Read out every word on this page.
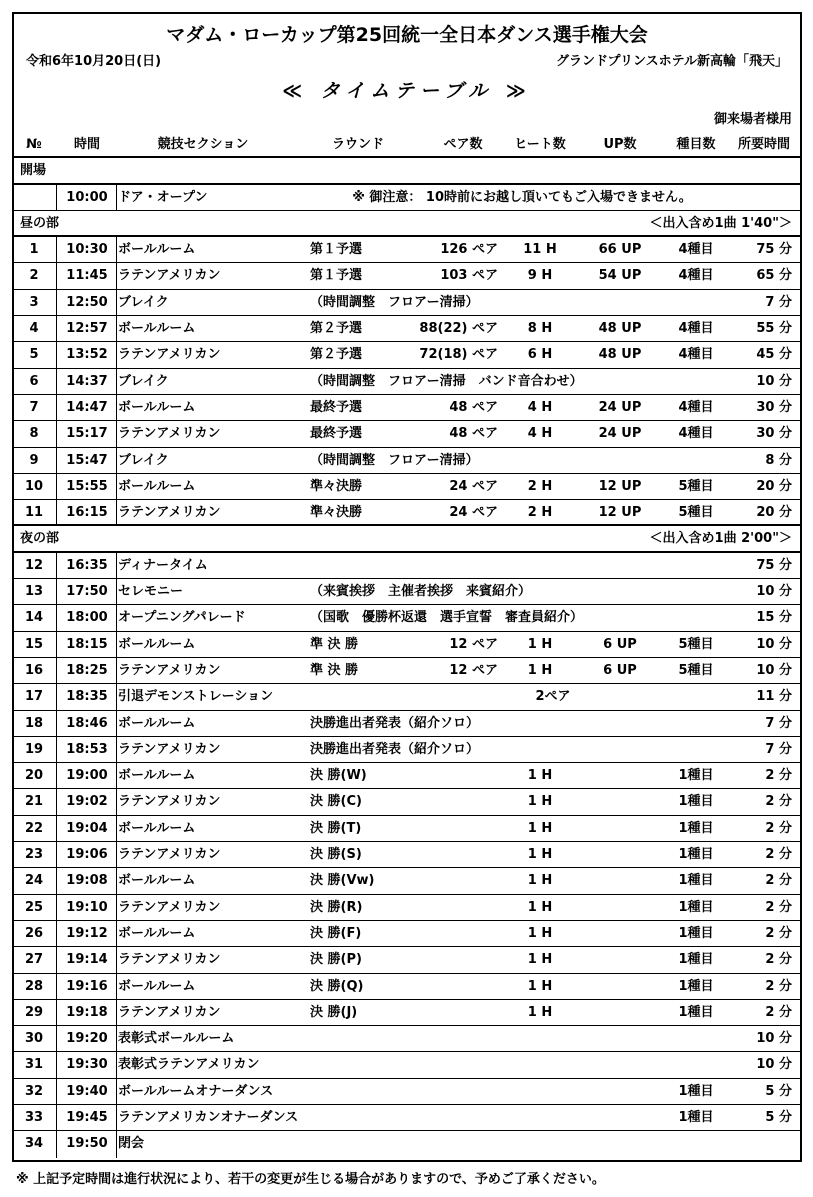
マダム・ローカップ第25回統一全日本ダンス選手権大会
令和6年10月20日(日)	グランドプリンスホテル新高輪「飛天」
≪ タイムテーブル ≫
御来場者様用
№	時間	競技セクション	ラウンド	ペア数	ヒート数	UP数	種目数	所要時間
開場
10:00 ドア・オープン	※ 御注意： 10時前にお越し頂いてもご入場できません。
昼の部	＜出入含め1曲 1'40"＞
1	10:30 ボールルーム	第１予選	126 ペア	11 H	66 UP	4種目	75 分
2	11:45 ラテンアメリカン	第１予選	103 ペア	9 H	54 UP	4種目	65 分
3	12:50 ブレイク	（時間調整　フロアー清掃）	7 分
4	12:57 ボールルーム	第２予選	88(22) ペア	8 H	48 UP	4種目	55 分
5	13:52 ラテンアメリカン	第２予選	72(18) ペア	6 H	48 UP	4種目	45 分
6	14:37 ブレイク	（時間調整　フロアー清掃　バンド音合わせ）	10 分
7	14:47 ボールルーム	最終予選	48 ペア	4 H	24 UP	4種目	30 分
8	15:17 ラテンアメリカン	最終予選	48 ペア	4 H	24 UP	4種目	30 分
9	15:47 ブレイク	（時間調整　フロアー清掃）	8 分
10	15:55 ボールルーム	準々決勝	24 ペア	2 H	12 UP	5種目	20 分
11	16:15 ラテンアメリカン	準々決勝	24 ペア	2 H	12 UP	5種目	20 分
夜の部	＜出入含め1曲 2'00"＞
12	16:35 ディナータイム	75 分
13	17:50 セレモニー	（来賓挨拶　主催者挨拶　来賓紹介）	10 分
14	18:00 オープニングパレード	（国歌　優勝杯返還　選手宣誓　審査員紹介）	15 分
15	18:15 ボールルーム	準 決 勝	12 ペア	1 H	6 UP	5種目	10 分
16	18:25 ラテンアメリカン	準 決 勝	12 ペア	1 H	6 UP	5種目	10 分
17	18:35 引退デモンストレーション	2ペア	11 分
18	18:46 ボールルーム	決勝進出者発表（紹介ソロ）	7 分
19	18:53 ラテンアメリカン	決勝進出者発表（紹介ソロ）	7 分
20	19:00 ボールルーム	決 勝(W)	1 H	1種目	2 分
21	19:02 ラテンアメリカン	決 勝(C)	1 H	1種目	2 分
22	19:04 ボールルーム	決 勝(T)	1 H	1種目	2 分
23	19:06 ラテンアメリカン	決 勝(S)	1 H	1種目	2 分
24	19:08 ボールルーム	決 勝(Vw)	1 H	1種目	2 分
25	19:10 ラテンアメリカン	決 勝(R)	1 H	1種目	2 分
26	19:12 ボールルーム	決 勝(F)	1 H	1種目	2 分
27	19:14 ラテンアメリカン	決 勝(P)	1 H	1種目	2 分
28	19:16 ボールルーム	決 勝(Q)	1 H	1種目	2 分
29	19:18 ラテンアメリカン	決 勝(J)	1 H	1種目	2 分
30	19:20 表彰式ボールルーム	10 分
31	19:30 表彰式ラテンアメリカン	10 分
32	19:40 ボールルームオナーダンス	1種目	5 分
33	19:45 ラテンアメリカンオナーダンス	1種目	5 分
34	19:50 閉会
※ 上記予定時間は進行状況により、若干の変更が生じる場合がありますので、予めご了承ください。
